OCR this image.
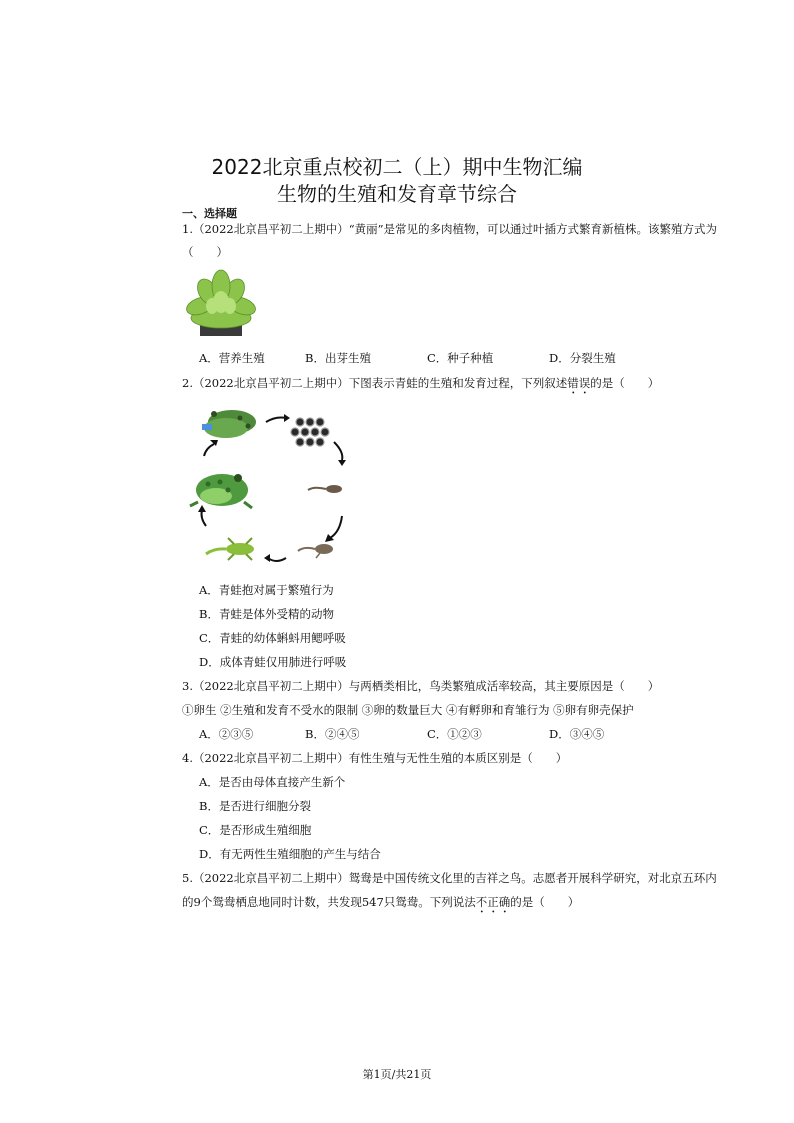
2022北京重点校初二（上）期中生物汇编
生物的生殖和发育章节综合
一、选择题
1.（2022北京昌平初二上期中）“黄丽”是常见的多肉植物，可以通过叶插方式繁育新植株。该繁殖方式为
（　　）
A．营养生殖	B．出芽生殖	C．种子种植	D．分裂生殖
2.（2022北京昌平初二上期中）下图表示青蛙的生殖和发育过程，下列叙述错误的是（　　）
A．青蛙抱对属于繁殖行为
B．青蛙是体外受精的动物
C．青蛙的幼体蝌蚪用鳃呼吸
D．成体青蛙仅用肺进行呼吸
3.（2022北京昌平初二上期中）与两栖类相比，鸟类繁殖成活率较高，其主要原因是（　　）
①卵生 ②生殖和发育不受水的限制 ③卵的数量巨大 ④有孵卵和育雏行为 ⑤卵有卵壳保护
A．②③⑤	B．②④⑤	C．①②③	D．③④⑤
4.（2022北京昌平初二上期中）有性生殖与无性生殖的本质区别是（　　）
A．是否由母体直接产生新个
B．是否进行细胞分裂
C．是否形成生殖细胞
D．有无两性生殖细胞的产生与结合
5.（2022北京昌平初二上期中）鸳鸯是中国传统文化里的吉祥之鸟。志愿者开展科学研究，对北京五环内
的9个鸳鸯栖息地同时计数，共发现547只鸳鸯。下列说法不正确的是（　　）
第1页/共21页
